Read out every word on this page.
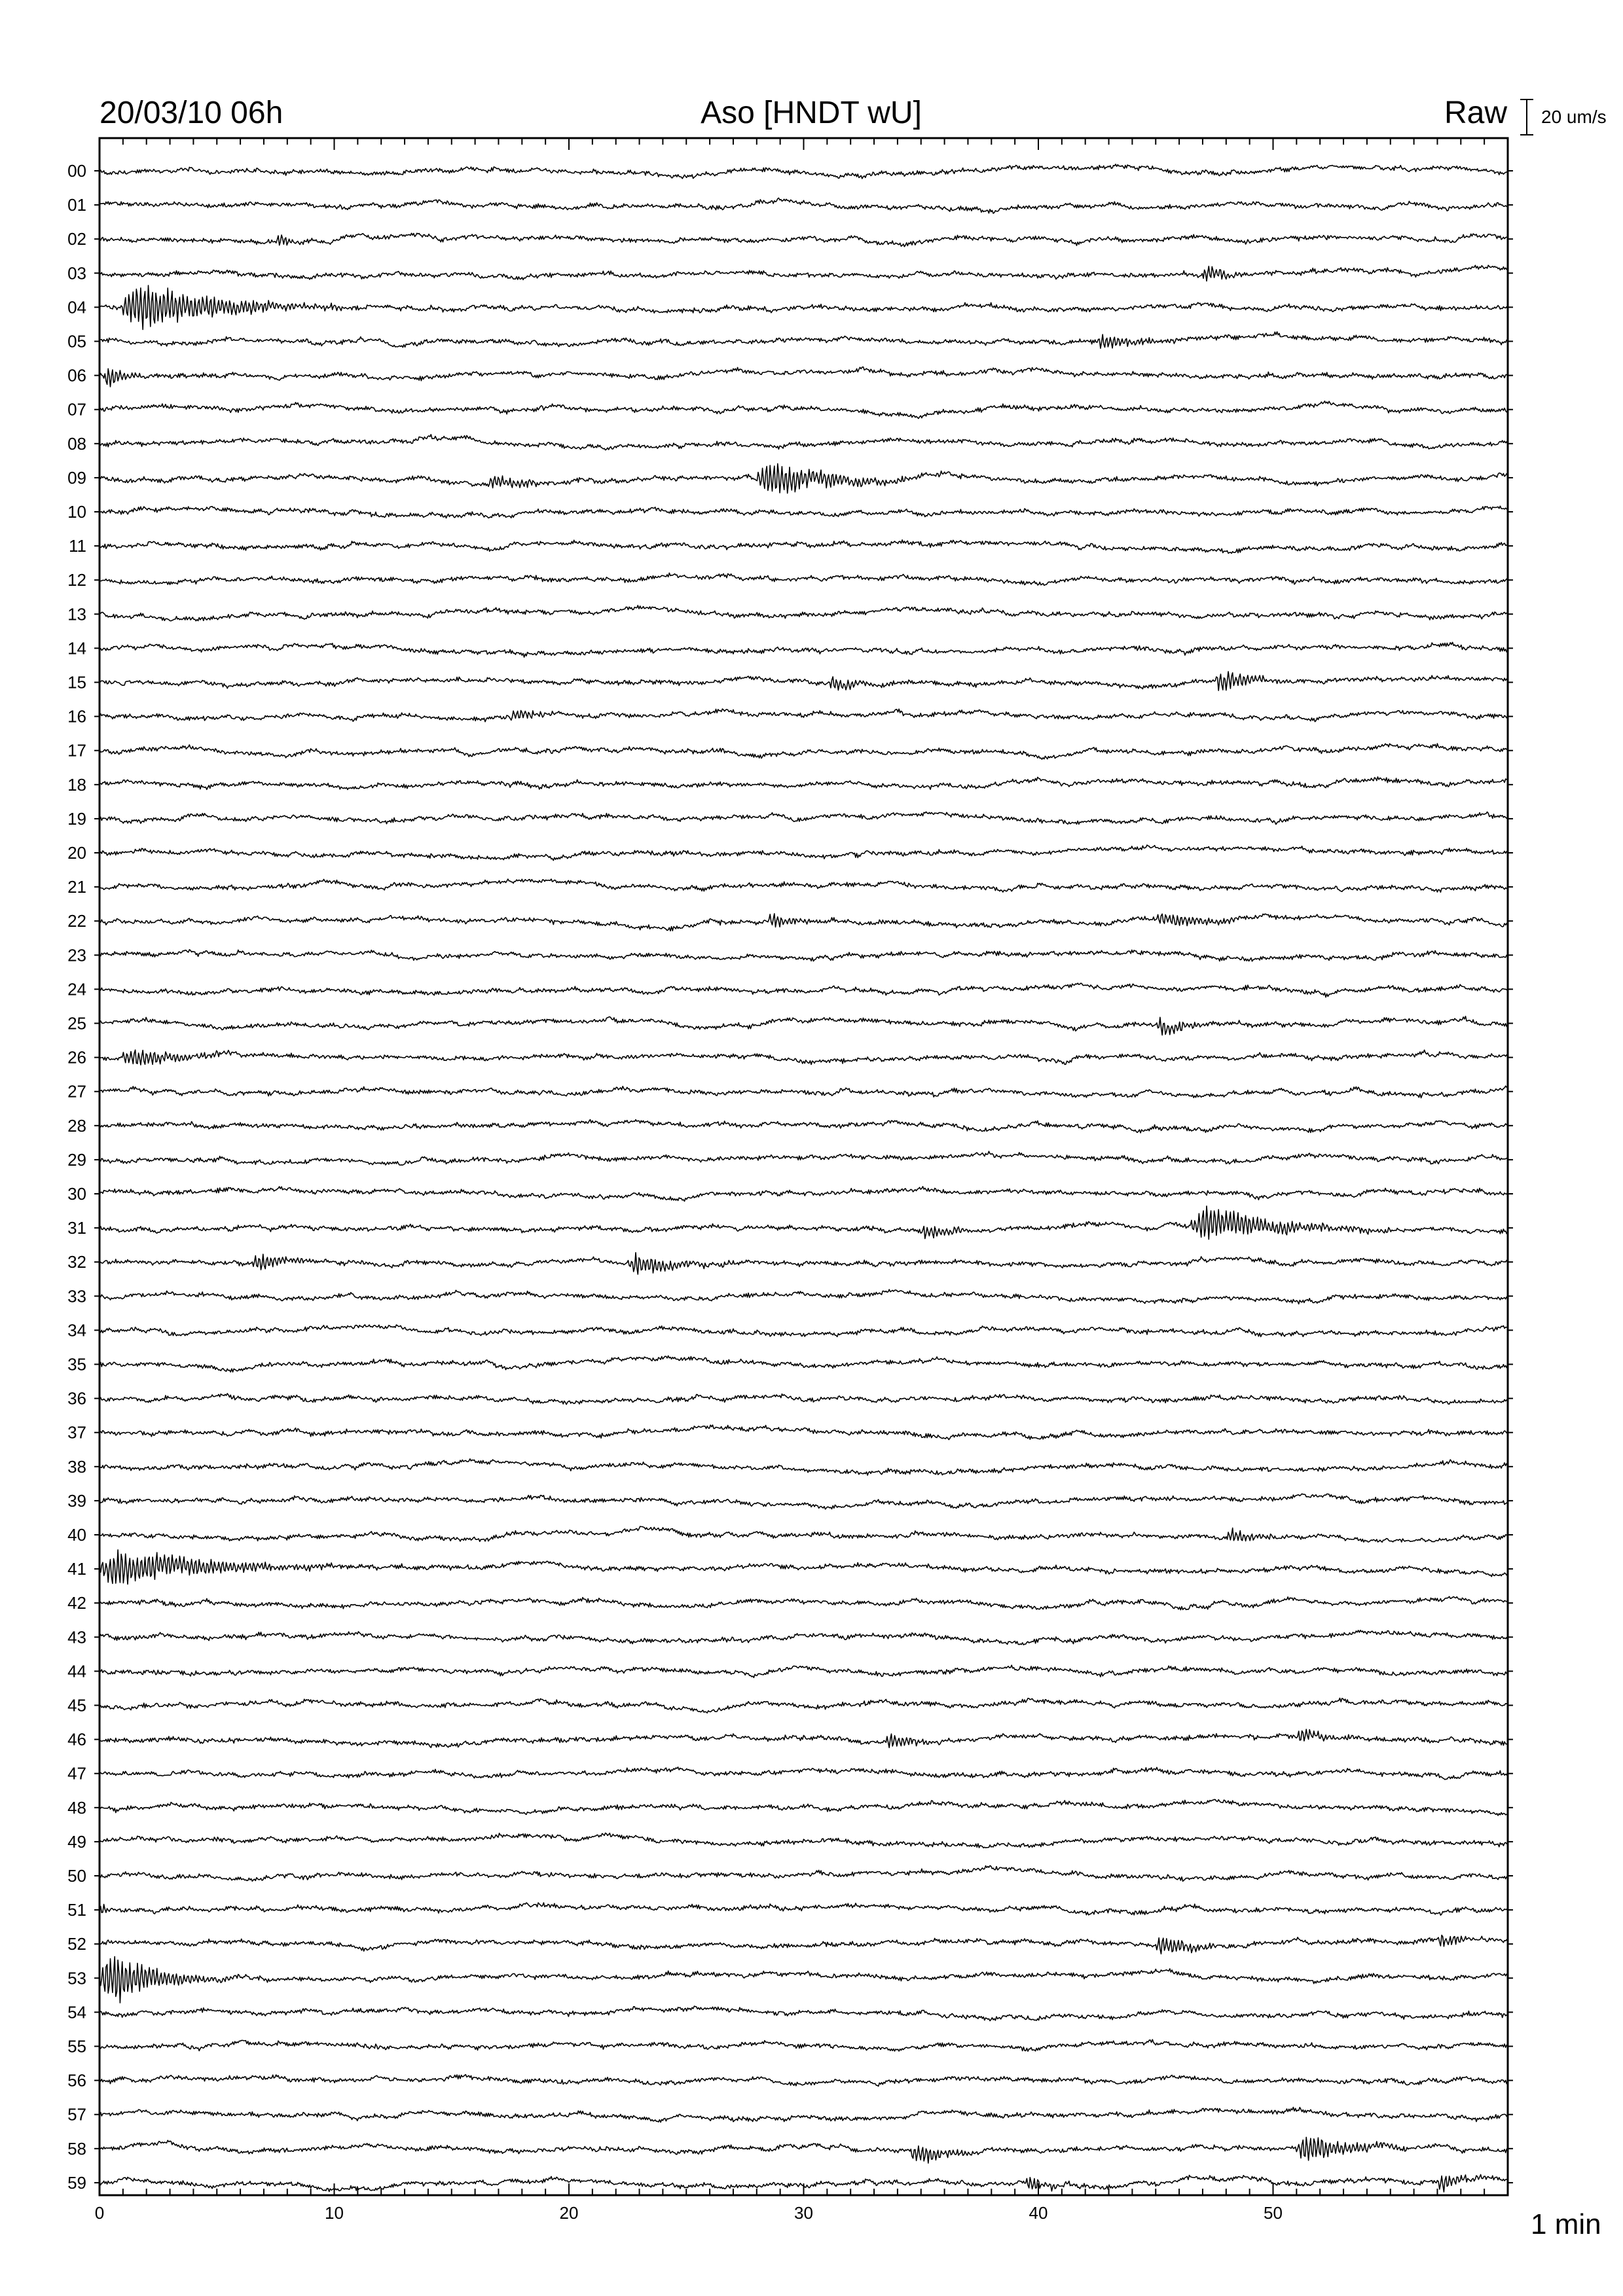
20/03/10 06h	Aso [HNDT wU]	Raw 20 um/s
0	10	20	30	40	50
00
01
02
03
04
05
06
07
08
09
10
11
12
13
14
15
16
17
18
19
20
21
22
23
24
25
26
27
28
29
30
31
32
33
34
35
36
37
38
39
40
41
42
43
44
45
46
47
48
49
50
51
52
53
54
55
56
57
58
59
1 min
